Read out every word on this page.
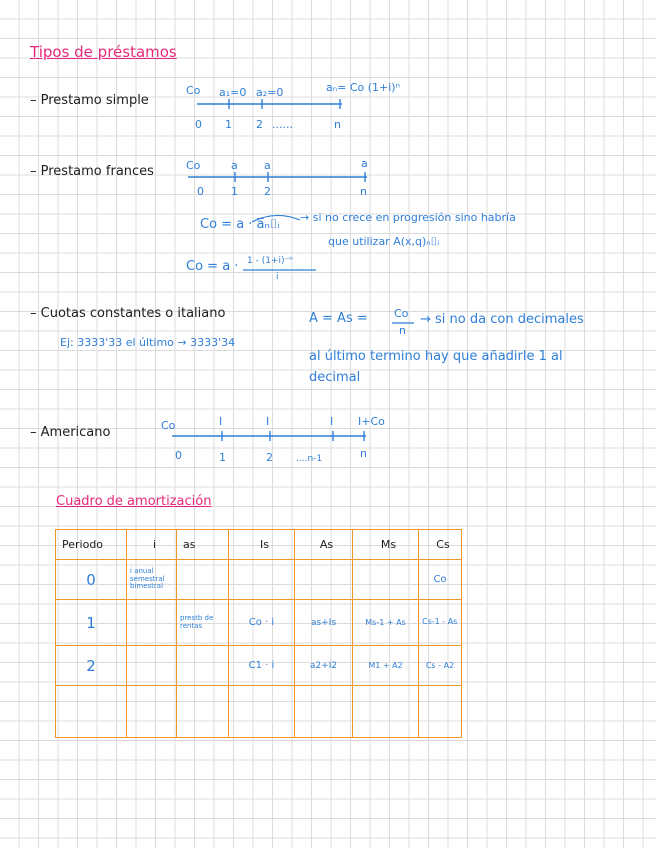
Tipos de préstamos
– Prestamo simple
Co a₁=0 a₂=0	aₙ= Co (1+i)ⁿ
0 1 2 ......	n
– Prestamo frances	Co	a a	a
0 1 2	n
Co = a · a̅ₙ⌷ᵢ → si no crece en progresión sino habría
que utilizar A(x,q)ₙ⌷ᵢ
Co = a · 1 - (1+i)⁻ⁿ
i
– Cuotas constantes o italiano	A = As = Co
n
→ si no da con decimales
al último termino hay que añadirle 1 al
decimal
Ej: 3333'33 el último → 3333'34
– Americano	Co	I	I	I I+Co
0	1	2	....n-1	n
Cuadro de amortización
Periodo	i	as	Is	As	Ms	Cs
0	i anual semestral bimestral					Co
1		prestb de rentas	Co · i	as+Is	Ms-1 + As	Cs-1 - As

2			C1 · i	a2+I2	M1 + A2	Cs - A2
